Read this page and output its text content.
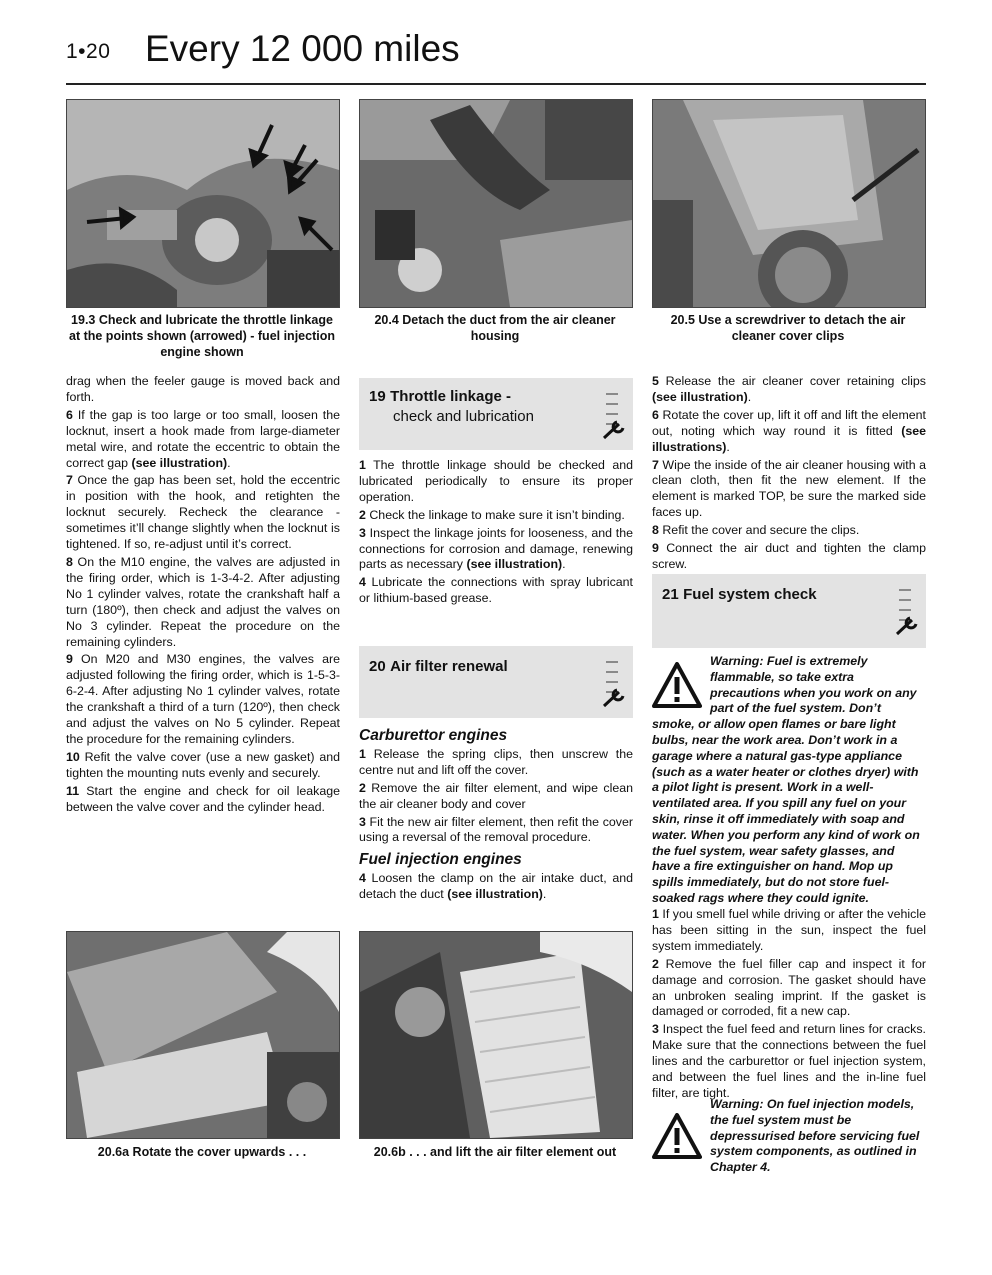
1•20 Every 12 000 miles
19.3 Check and lubricate the throttle linkage at the points shown (arrowed) - fuel injection engine shown
20.4 Detach the duct from the air cleaner housing
20.5 Use a screwdriver to detach the air cleaner cover clips

drag when the feeler gauge is moved back and forth.

6 If the gap is too large or too small, loosen the locknut, insert a hook made from large-diameter metal wire, and rotate the eccentric to obtain the correct gap (see illustration).

7 Once the gap has been set, hold the eccentric in position with the hook, and retighten the locknut securely. Recheck the clearance - sometimes it’ll change slightly when the locknut is tightened. If so, re-adjust until it’s correct.

8 On the M10 engine, the valves are adjusted in the firing order, which is 1-3-4-2. After adjusting No 1 cylinder valves, rotate the crankshaft half a turn (180º), then check and adjust the valves on No 3 cylinder. Repeat the procedure on the remaining cylinders.

9 On M20 and M30 engines, the valves are adjusted following the firing order, which is 1-5-3-6-2-4. After adjusting No 1 cylinder valves, rotate the crankshaft a third of a turn (120º), then check and adjust the valves on No 5 cylinder. Repeat the procedure for the remaining cylinders.

10 Refit the valve cover (use a new gasket) and tighten the mounting nuts evenly and securely.

11 Start the engine and check for oil leakage between the valve cover and the cylinder head.

19 Throttle linkage -
check and lubrication

1 The throttle linkage should be checked and lubricated periodically to ensure its proper operation.

2 Check the linkage to make sure it isn’t binding.

3 Inspect the linkage joints for looseness, and the connections for corrosion and damage, renewing parts as necessary (see illustration).

4 Lubricate the connections with spray lubricant or lithium-based grease.

20 Air filter renewal
Carburettor engines

1 Release the spring clips, then unscrew the centre nut and lift off the cover.

2 Remove the air filter element, and wipe clean the air cleaner body and cover

3 Fit the new air filter element, then refit the cover using a reversal of the removal procedure.

Fuel injection engines

4 Loosen the clamp on the air intake duct, and detach the duct (see illustration).

5 Release the air cleaner cover retaining clips (see illustration).

6 Rotate the cover up, lift it off and lift the element out, noting which way round it is fitted (see illustrations).

7 Wipe the inside of the air cleaner housing with a clean cloth, then fit the new element. If the element is marked TOP, be sure the marked side faces up.

8 Refit the cover and secure the clips.

9 Connect the air duct and tighten the clamp screw.

21 Fuel system check
Warning: Fuel is extremely flammable, so take extra precautions when you work on any part of the fuel system. Don’t smoke, or allow open flames or bare light bulbs, near the work area. Don’t work in a garage where a natural gas-type appliance (such as a water heater or clothes dryer) with a pilot light is present. Work in a well-ventilated area. If you spill any fuel on your skin, rinse it off immediately with soap and water. When you perform any kind of work on the fuel system, wear safety glasses, and have a fire extinguisher on hand. Mop up spills immediately, but do not store fuel-soaked rags where they could ignite.

1 If you smell fuel while driving or after the vehicle has been sitting in the sun, inspect the fuel system immediately.

2 Remove the fuel filler cap and inspect it for damage and corrosion. The gasket should have an unbroken sealing imprint. If the gasket is damaged or corroded, fit a new cap.

3 Inspect the fuel feed and return lines for cracks. Make sure that the connections between the fuel lines and the carburettor or fuel injection system, and between the fuel lines and the in-line fuel filter, are tight.

Warning: On fuel injection models, the fuel system must be depressurised before servicing fuel system components, as outlined in Chapter 4.
20.6a Rotate the cover upwards . . .	20.6b . . . and lift the air filter element out
